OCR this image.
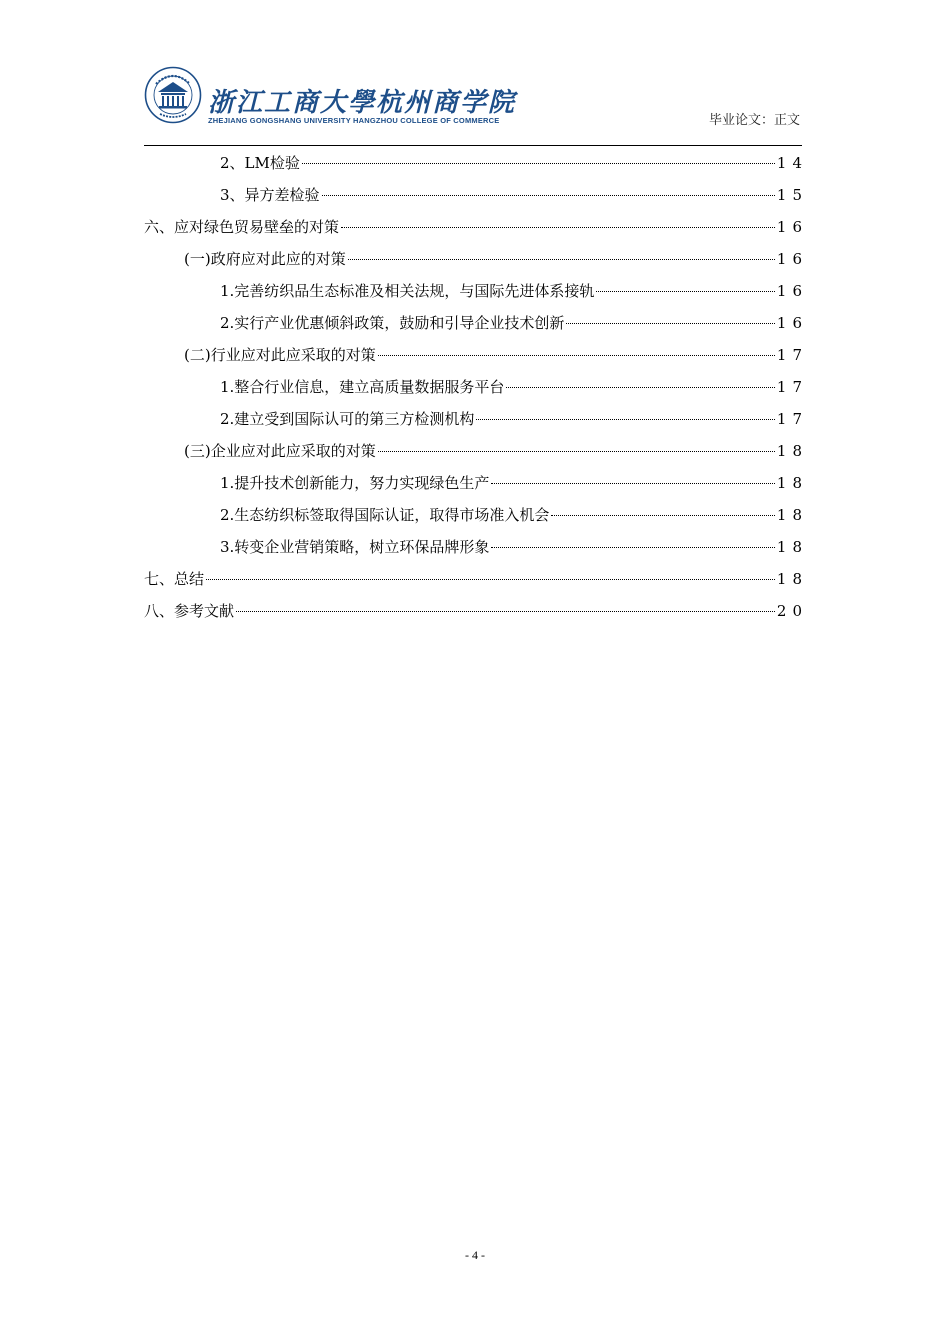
浙江工商大學杭州商学院
ZHEJIANG GONGSHANG UNIVERSITY HANGZHOU COLLEGE OF COMMERCE	毕业论文：正文
2、LM检验	14
3、异方差检验	15
六、应对绿色贸易壁垒的对策	16
(一)政府应对此应的对策	16
1.完善纺织品生态标准及相关法规，与国际先进体系接轨	16
2.实行产业优惠倾斜政策，鼓励和引导企业技术创新	16
(二)行业应对此应采取的对策	17
1.整合行业信息，建立高质量数据服务平台	17
2.建立受到国际认可的第三方检测机构	17
(三)企业应对此应采取的对策	18
1.提升技术创新能力，努力实现绿色生产	18
2.生态纺织标签取得国际认证，取得市场准入机会	18
3.转变企业营销策略，树立环保品牌形象	18
七、总结	18
八、参考文献	20
- 4 -
